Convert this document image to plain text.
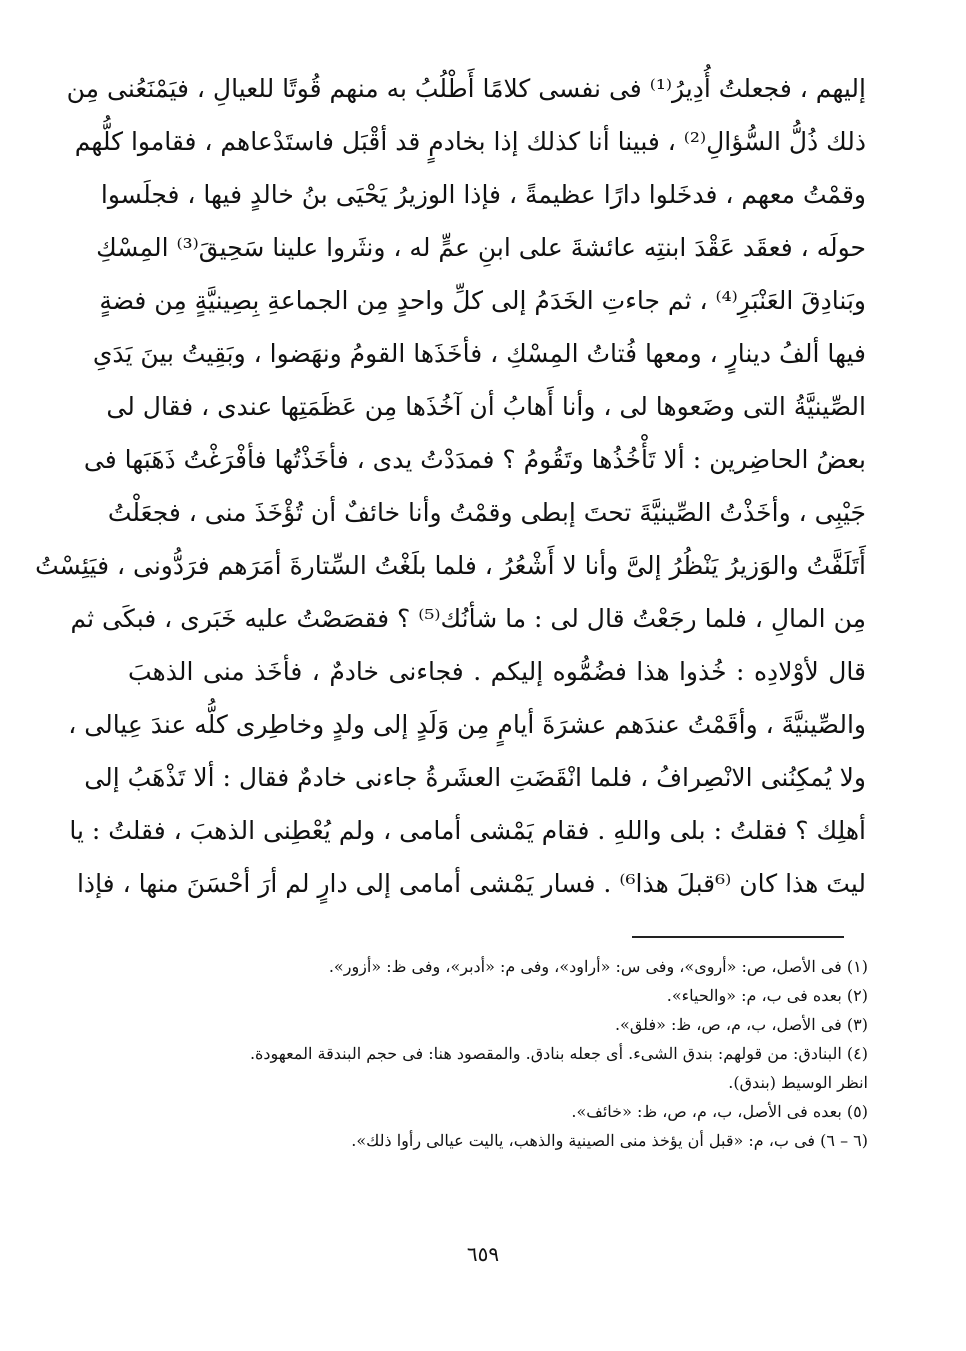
إليهم ، فجعلتُ أُدِيرُ⁽¹⁾ فى نفسى كلامًا أَطْلُبُ به منهم قُوتًا للعيالِ ، فيَمْنَعُنى مِن
ذلك ذُلُّ السُّؤالِ⁽²⁾ ، فبينا أنا كذلك إذا بخادمٍ قد أقْبَل فاستَدْعاهم ، فقاموا كلُّهم
وقمْتُ معهم ، فدخَلوا دارًا عظيمةً ، فإذا الوزيرُ يَحْيَى بنُ خالدٍ فيها ، فجلَسوا
حولَه ، فعقَد عَقْدَ ابنتِه عائشةَ على ابنِ عمٍّ له ، ونثَروا علينا سَحِيقَ⁽³⁾ المِسْكِ
وبَنادِقَ العَنْبَرِ⁽⁴⁾ ، ثم جاءتِ الخَدَمُ إلى كلِّ واحدٍ مِن الجماعةِ بِصِينيَّةٍ مِن فضةٍ
فيها ألفُ دينارٍ ، ومعها فُتاتُ المِسْكِ ، فأخَذَها القومُ ونهَضوا ، وبَقِيتُ بينَ يَدَىِ
الصِّينيَّةُ التى وضَعوها لى ، وأنا أَهابُ أن آخُذَها مِن عَظَمَتِها عندى ، فقال لى
بعضُ الحاضِرين : ألا تَأْخُذُها وتَقُومُ ؟ فمدَدْتُ يدى ، فأخَذْتُها فأفْرَغْتُ ذَهَبَها فى
جَيْبِى ، وأخَذْتُ الصِّينيَّةَ تحتَ إبطى وقمْتُ وأنا خائفٌ أن تُؤْخَذَ منى ، فجعَلْتُ
أَتَلَفَّتُ والوَزيرُ يَنْظُرُ إلىَّ وأنا لا أَشْعُرُ ، فلما بلَغْتُ السِّتارةَ أمَرَهم فرَدُّونى ، فيَئِسْتُ
مِن المالِ ، فلما رجَعْتُ قال لى : ما شأنُك⁽⁵⁾ ؟ فقصَصْتُ عليه خَبَرى ، فبكَى ثم
قال لأوْلادِه : خُذوا هذا فضُمُّوه إليكم . فجاءنى خادمٌ ، فأخَذ منى الذهبَ
والصِّينيَّةَ ، وأقَمْتُ عندَهم عشرَةَ أيامٍ مِن وَلَدٍ إلى ولدٍ وخاطِرى كلُّه عندَ عِيالى ،
ولا يُمكِنُنى الانْصِرافُ ، فلما انْقَضَتِ العشَرةُ جاءنى خادمٌ فقال : ألا تَذْهَبُ إلى
أهلِك ؟ فقلتُ : بلى واللهِ . فقام يَمْشى أمامى ، ولم يُعْطِنى الذهبَ ، فقلتُ : يا
ليتَ هذا كان ⁽⁶قبلَ هذا⁶⁾ . فسار يَمْشى أمامى إلى دارٍ لم أرَ أحْسَنَ منها ، فإذا
(١) فى الأصل، ص: «أروى»، وفى س: «أراود»، وفى م: «أدبر»، وفى ظ: «أزور».
(٢) بعده فى ب، م: «والحياء».
(٣) فى الأصل، ب، م، ص، ظ: «فلق».
(٤) البنادق: من قولهم: بندق الشىء. أى جعله بنادق. والمقصود هنا: فى حجم البندقة المعهودة.
انظر الوسيط (بندق).
(٥) بعده فى الأصل، ب، م، ص، ظ: «خائف».
(٦ – ٦) فى ب، م: «قبل أن يؤخذ منى الصينية والذهب، ياليت عيالى رأوا ذلك».
٦٥٩
